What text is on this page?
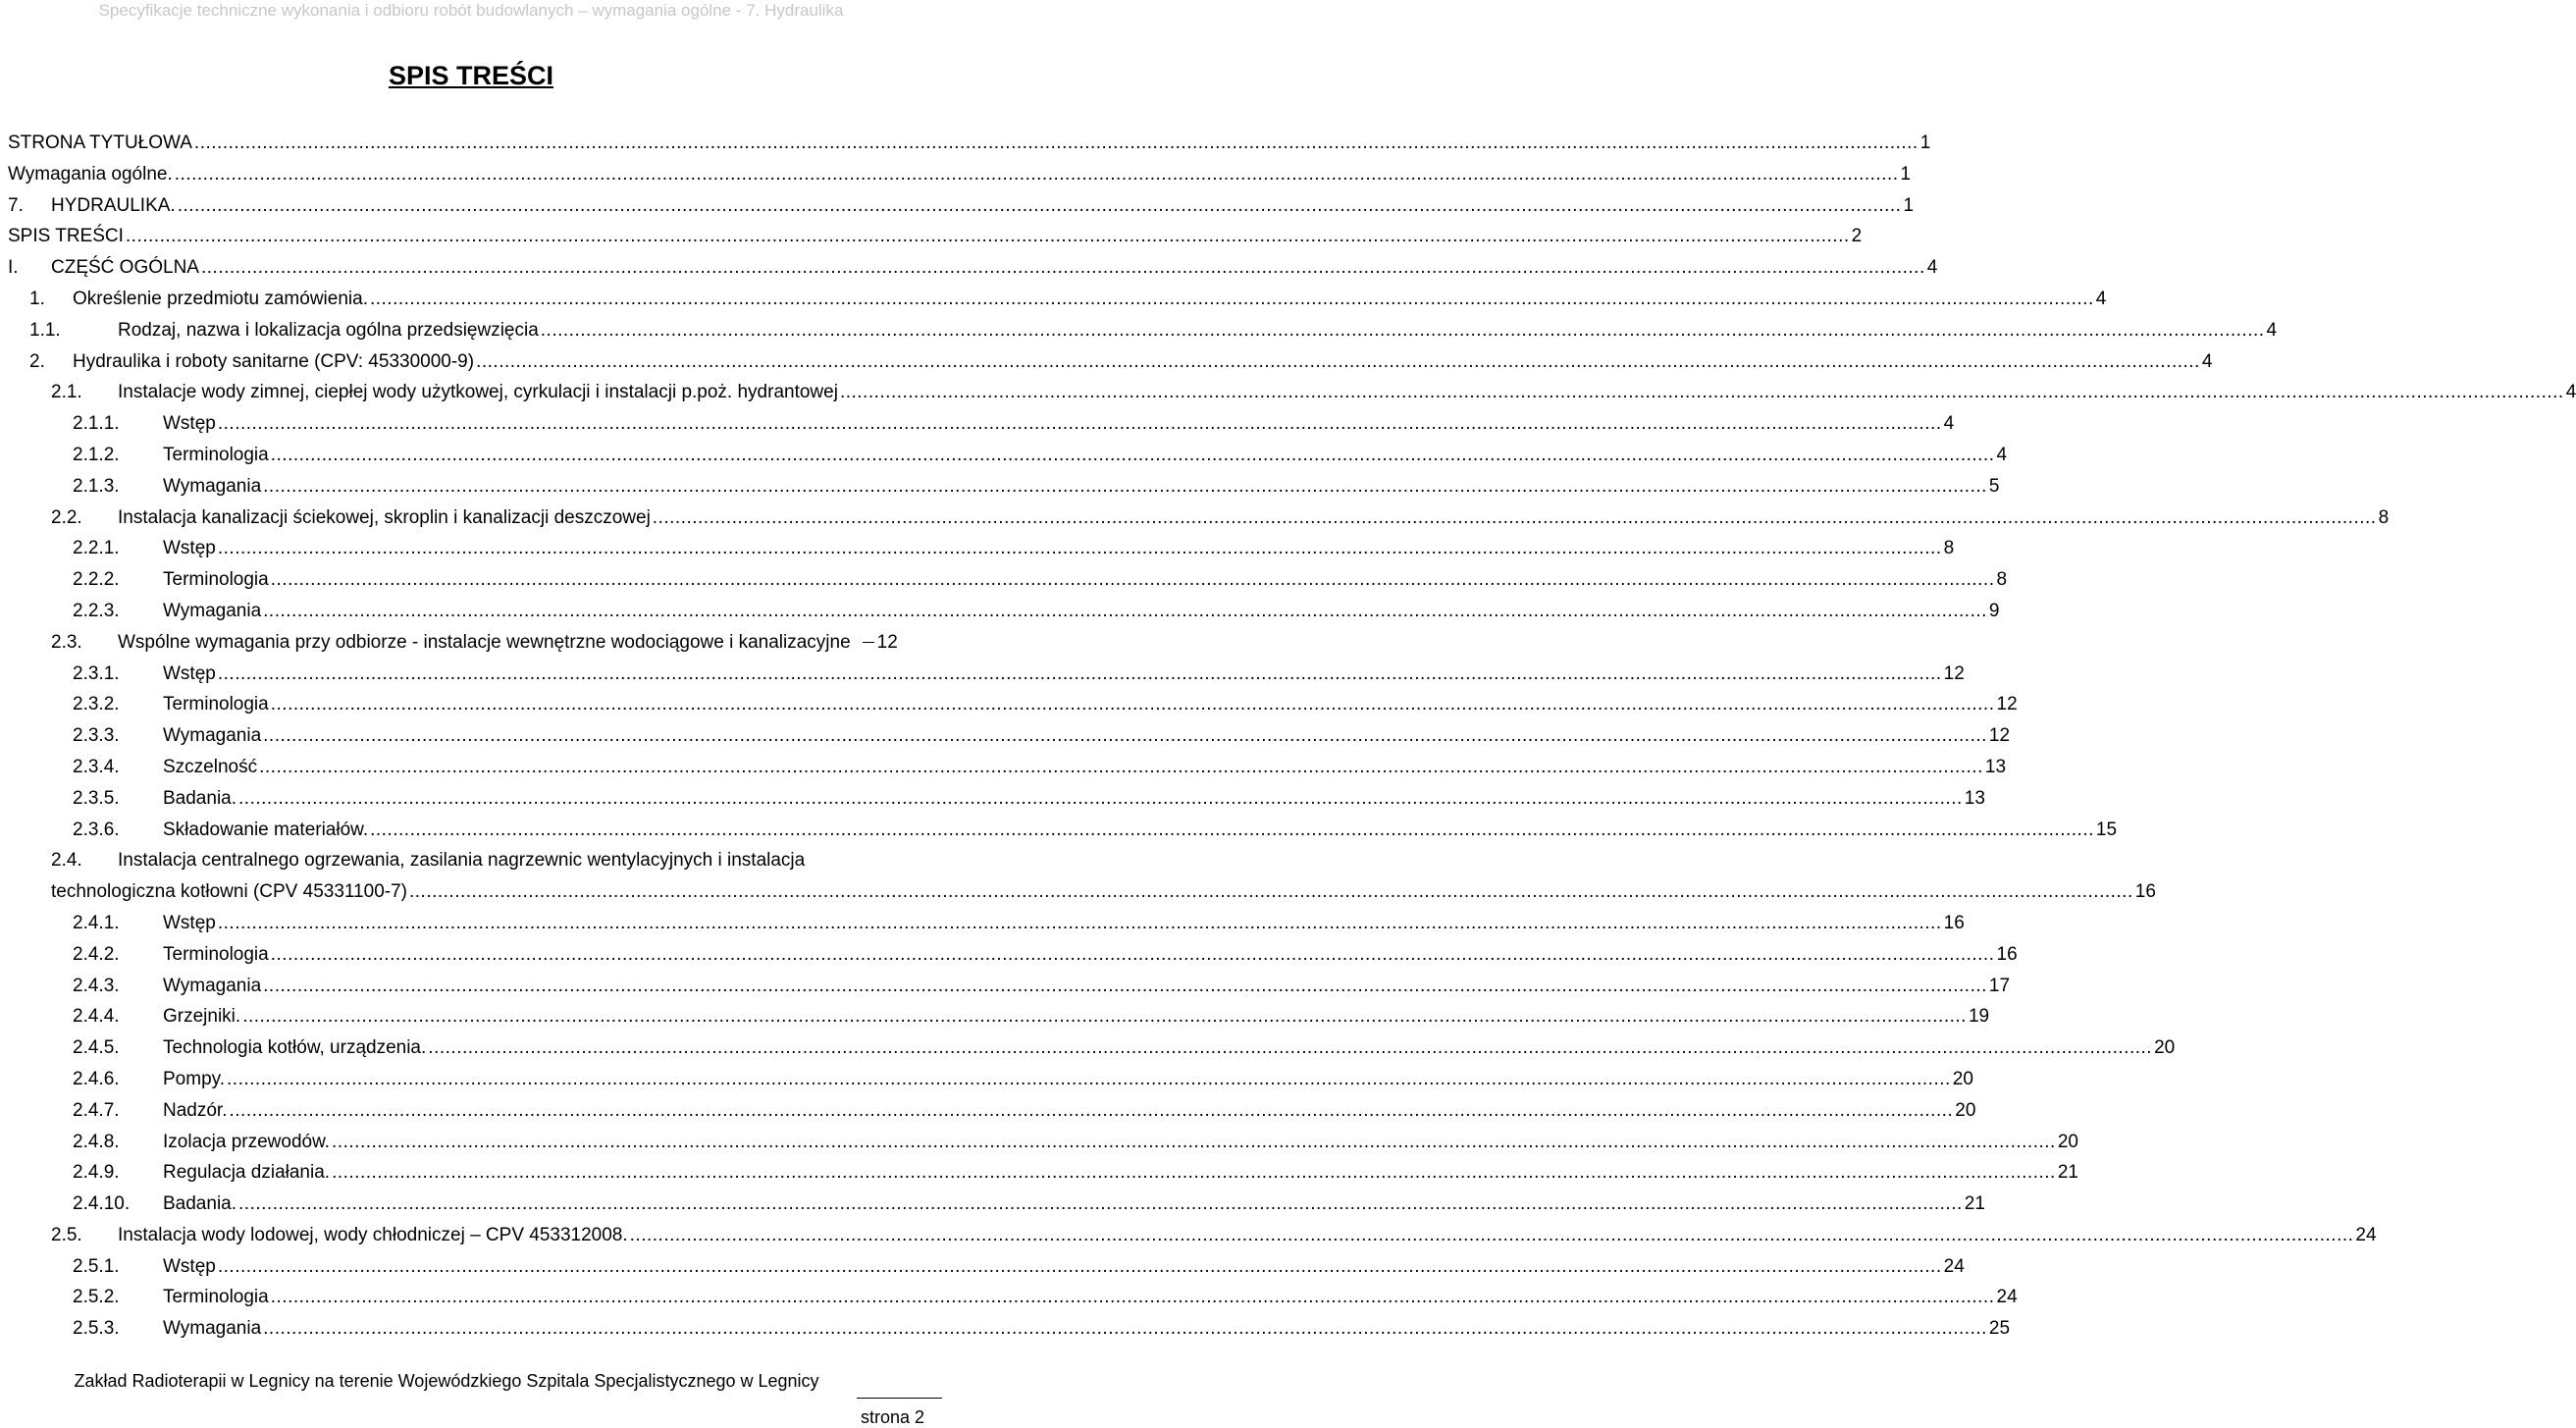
Specyfikacje techniczne wykonania i odbioru robót budowlanych – wymagania ogólne - 7. Hydraulika
SPIS TREŚCI
STRONA TYTUŁOWA .....	1
Wymagania ogólne. .....	1
7.	HYDRAULIKA. .....	1
SPIS TREŚCI .....	2
I.	CZĘŚĆ OGÓLNA .....	4
1.	Określenie przedmiotu zamówienia. .....	4
1.1.	Rodzaj, nazwa i lokalizacja ogólna przedsięwzięcia .....	4
2.	Hydraulika i roboty sanitarne (CPV: 45330000-9) .....	4
2.1.	Instalacje wody zimnej, ciepłej wody użytkowej, cyrkulacji i instalacji p.poż. hydrantowej .....	4
2.1.1.	Wstęp .....	4
2.1.2.	Terminologia .....	4
2.1.3.	Wymagania .....	5
2.2.	Instalacja kanalizacji ściekowej, skroplin i kanalizacji deszczowej .....	8
2.2.1.	Wstęp .....	8
2.2.2.	Terminologia .....	8
2.2.3.	Wymagania .....	9
2.3.	Wspólne wymagania przy odbiorze - instalacje wewnętrzne wodociągowe i kanalizacyjne 12
2.3.1.	Wstęp .....	12
2.3.2.	Terminologia .....	12
2.3.3.	Wymagania .....	12
2.3.4.	Szczelność .....	13
2.3.5.	Badania. .....	13
2.3.6.	Składowanie materiałów. .....	15
2.4.	Instalacja centralnego ogrzewania, zasilania nagrzewnic wentylacyjnych i instalacja
technologiczna kotłowni (CPV 45331100-7) .....	16
2.4.1.	Wstęp .....	16
2.4.2.	Terminologia .....	16
2.4.3.	Wymagania .....	17
2.4.4.	Grzejniki. .....	19
2.4.5.	Technologia kotłów, urządzenia. .....	20
2.4.6.	Pompy. .....	20
2.4.7.	Nadzór. .....	20
2.4.8.	Izolacja przewodów. .....	20
2.4.9.	Regulacja działania. .....	21
2.4.10.	Badania. .....	21
2.5.	Instalacja wody lodowej, wody chłodniczej – CPV 453312008. .....	24
2.5.1.	Wstęp .....	24
2.5.2.	Terminologia .....	24
2.5.3.	Wymagania .....	25
Zakład Radioterapii w Legnicy na terenie Wojewódzkiego Szpitala Specjalistycznego w Legnicy
strona 2
